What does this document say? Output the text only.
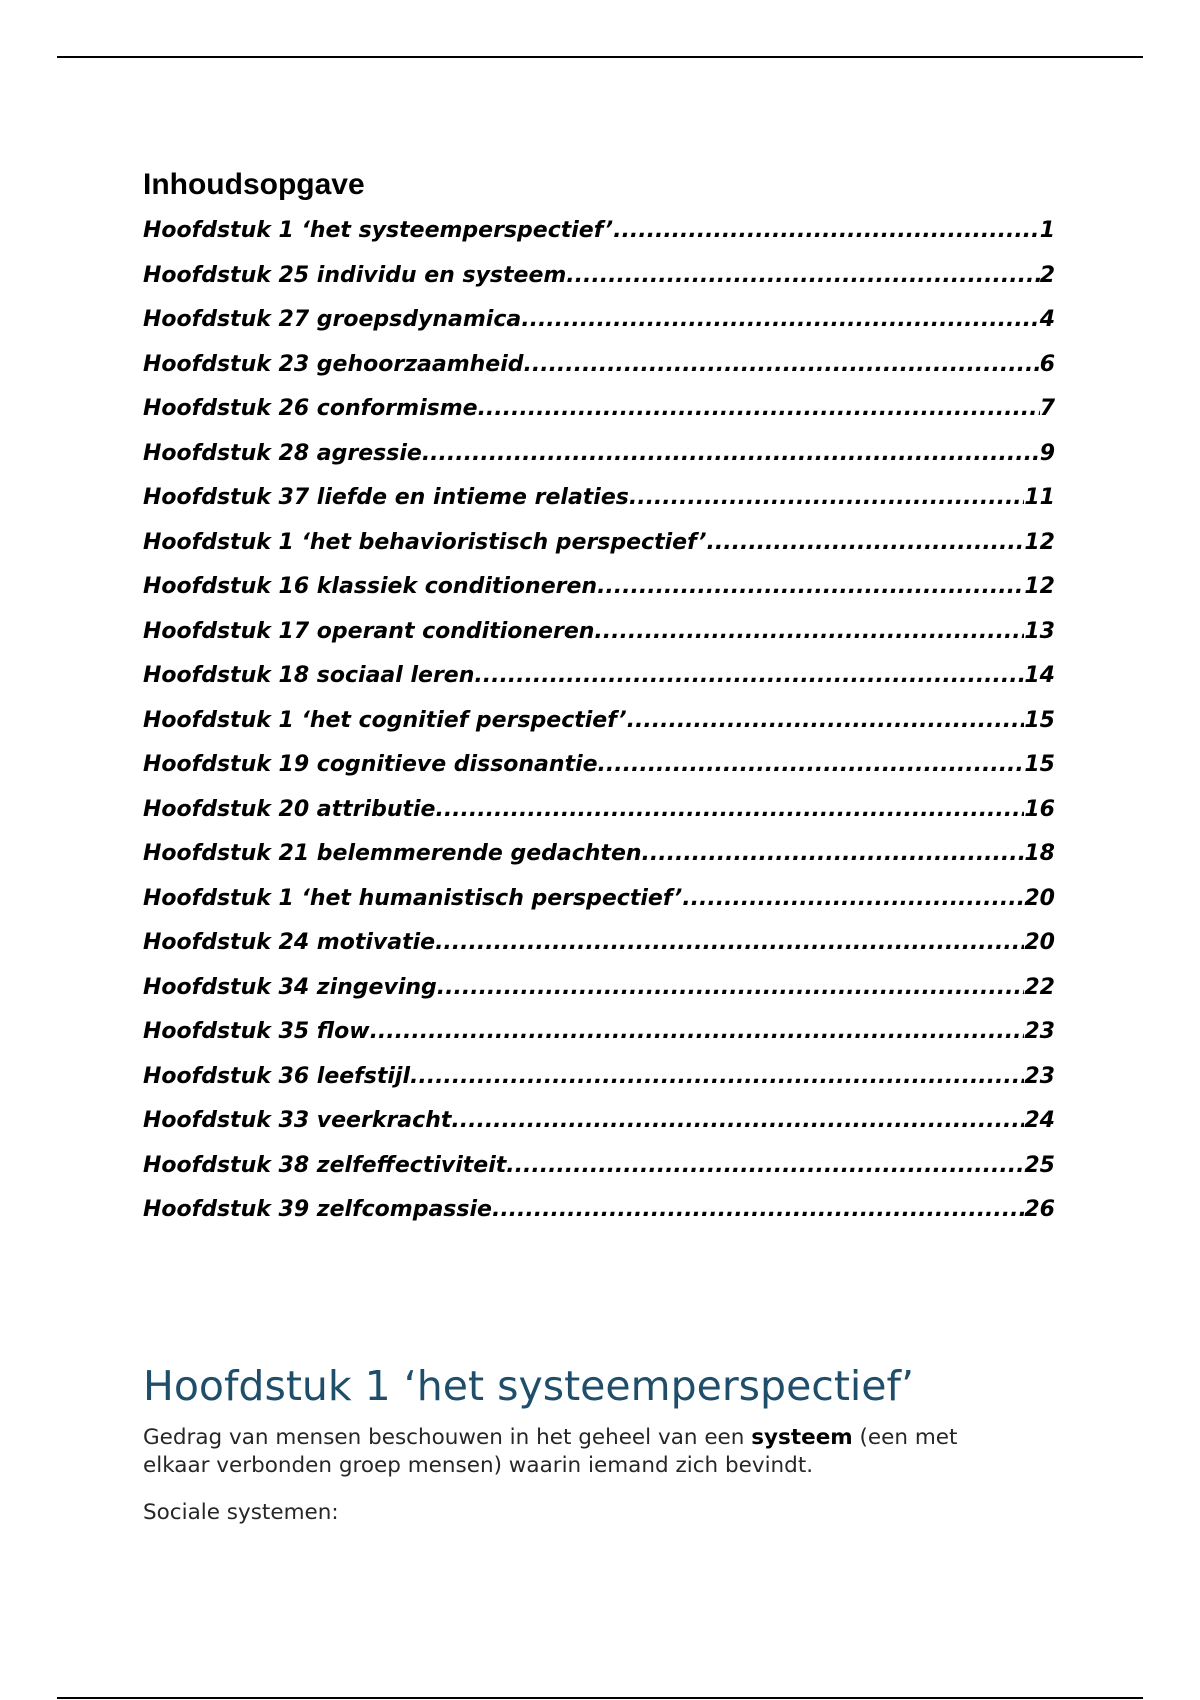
Inhoudsopgave
Hoofdstuk 1 ‘het systeemperspectief’ .....	1
Hoofdstuk 25 individu en systeem .....	2
Hoofdstuk 27 groepsdynamica .....	4
Hoofdstuk 23 gehoorzaamheid .....	6
Hoofdstuk 26 conformisme .....	7
Hoofdstuk 28 agressie .....	9
Hoofdstuk 37 liefde en intieme relaties .....	11
Hoofdstuk 1 ‘het behavioristisch perspectief’ .....	12
Hoofdstuk 16 klassiek conditioneren .....	12
Hoofdstuk 17 operant conditioneren .....	13
Hoofdstuk 18 sociaal leren .....	14
Hoofdstuk 1 ‘het cognitief perspectief’ .....	15
Hoofdstuk 19 cognitieve dissonantie .....	15
Hoofdstuk 20 attributie .....	16
Hoofdstuk 21 belemmerende gedachten .....	18
Hoofdstuk 1 ‘het humanistisch perspectief’ .....	20
Hoofdstuk 24 motivatie .....	20
Hoofdstuk 34 zingeving .....	22
Hoofdstuk 35 flow .....	23
Hoofdstuk 36 leefstijl .....	23
Hoofdstuk 33 veerkracht .....	24
Hoofdstuk 38 zelfeffectiviteit .....	25
Hoofdstuk 39 zelfcompassie .....	26
Hoofdstuk 1 ‘het systeemperspectief’

Gedrag van mensen beschouwen in het geheel van een systeem (een met elkaar verbonden groep mensen) waarin iemand zich bevindt.

Sociale systemen:
